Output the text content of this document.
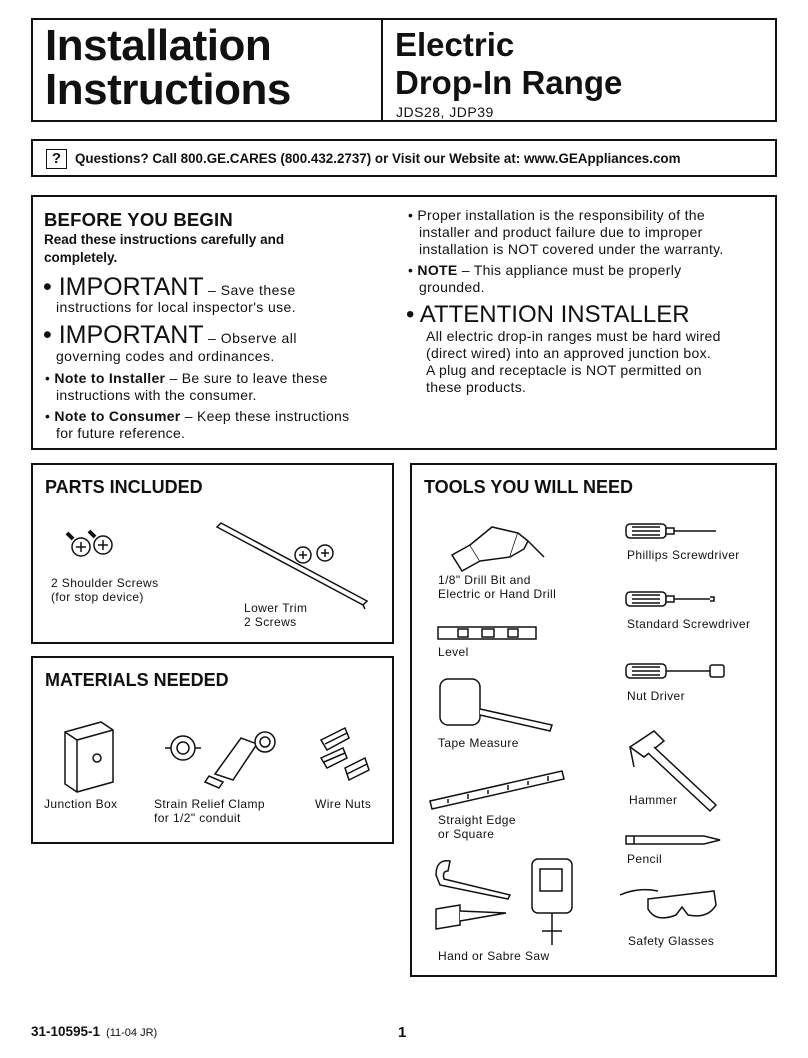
Installation
Instructions
Electric
Drop-In Range
JDS28, JDP39
?	Questions? Call 800.GE.CARES (800.432.2737) or Visit our Website at: www.GEAppliances.com
BEFORE YOU BEGIN
Read these instructions carefully and
completely.
• IMPORTANT – Save these
instructions for local inspector's use.
• IMPORTANT – Observe all
governing codes and ordinances.
• Note to Installer – Be sure to leave these
instructions with the consumer.
• Note to Consumer – Keep these instructions
for future reference.
• Proper installation is the responsibility of the
installer and product failure due to improper
installation is NOT covered under the warranty.
• NOTE – This appliance must be properly
grounded.
• ATTENTION INSTALLER
All electric drop-in ranges must be hard wired
(direct wired) into an approved junction box.
A plug and receptacle is NOT permitted on
these products.
PARTS INCLUDED
2 Shoulder Screws
(for stop device)
Lower Trim
2 Screws
MATERIALS NEEDED
Junction Box	Strain Relief Clamp
for 1/2" conduit
Wire Nuts
TOOLS YOU WILL NEED
1/8" Drill Bit and
Electric or Hand Drill
Phillips Screwdriver
Standard Screwdriver
Level
Nut Driver
Tape Measure
Hammer
Straight Edge
or Square
Pencil
Hand or Sabre Saw
Safety Glasses
31-10595-1 (11-04 JR)	1
